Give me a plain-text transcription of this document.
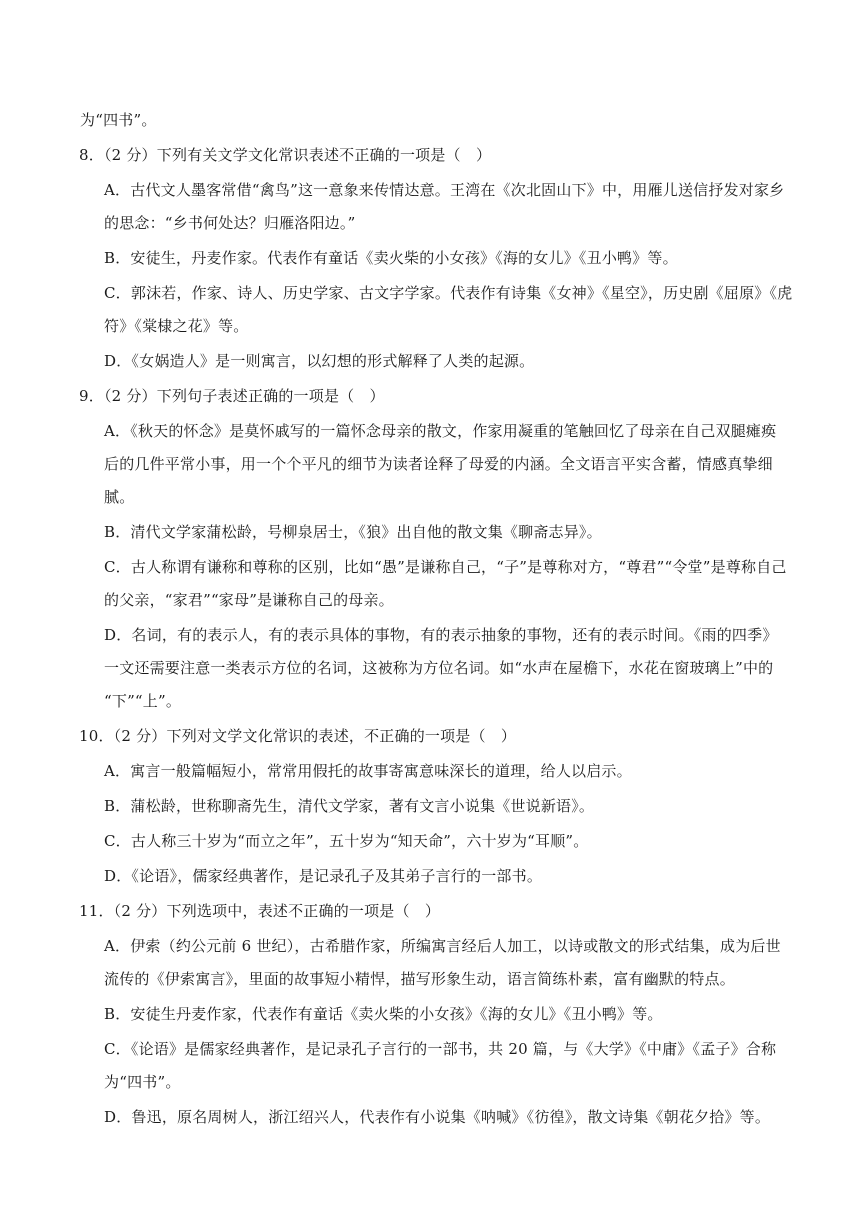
为“四书”。
8．（2 分）下列有关文学文化常识表述不正确的一项是（　）
A．古代文人墨客常借“禽鸟”这一意象来传情达意。王湾在《次北固山下》中，用雁儿送信抒发对家乡
的思念：“乡书何处达？归雁洛阳边。”
B．安徒生，丹麦作家。代表作有童话《卖火柴的小女孩》《海的女儿》《丑小鸭》等。
C．郭沫若，作家、诗人、历史学家、古文字学家。代表作有诗集《女神》《星空》，历史剧《屈原》《虎
符》《棠棣之花》等。
D．《女娲造人》是一则寓言，以幻想的形式解释了人类的起源。
9．（2 分）下列句子表述正确的一项是（　）
A．《秋天的怀念》是莫怀戚写的一篇怀念母亲的散文，作家用凝重的笔触回忆了母亲在自己双腿瘫痪
后的几件平常小事，用一个个平凡的细节为读者诠释了母爱的内涵。全文语言平实含蓄，情感真挚细
腻。
B．清代文学家蒲松龄，号柳泉居士，《狼》出自他的散文集《聊斋志异》。
C．古人称谓有谦称和尊称的区别，比如“愚”是谦称自己，“子”是尊称对方，“尊君”“令堂”是尊称自己
的父亲，“家君”“家母”是谦称自己的母亲。
D．名词，有的表示人，有的表示具体的事物，有的表示抽象的事物，还有的表示时间。《雨的四季》
一文还需要注意一类表示方位的名词，这被称为方位名词。如“水声在屋檐下，水花在窗玻璃上”中的
“下”“上”。
10．（2 分）下列对文学文化常识的表述，不正确的一项是（　）
A．寓言一般篇幅短小，常常用假托的故事寄寓意味深长的道理，给人以启示。
B．蒲松龄，世称聊斋先生，清代文学家，著有文言小说集《世说新语》。
C．古人称三十岁为“而立之年”，五十岁为“知天命”，六十岁为“耳顺”。
D．《论语》，儒家经典著作，是记录孔子及其弟子言行的一部书。
11．（2 分）下列选项中，表述不正确的一项是（　）
A．伊索（约公元前 6 世纪），古希腊作家，所编寓言经后人加工，以诗或散文的形式结集，成为后世
流传的《伊索寓言》，里面的故事短小精悍，描写形象生动，语言简练朴素，富有幽默的特点。
B．安徒生丹麦作家，代表作有童话《卖火柴的小女孩》《海的女儿》《丑小鸭》等。
C．《论语》是儒家经典著作，是记录孔子言行的一部书，共 20 篇，与《大学》《中庸》《孟子》合称
为“四书”。
D．鲁迅，原名周树人，浙江绍兴人，代表作有小说集《呐喊》《彷徨》，散文诗集《朝花夕拾》等。
